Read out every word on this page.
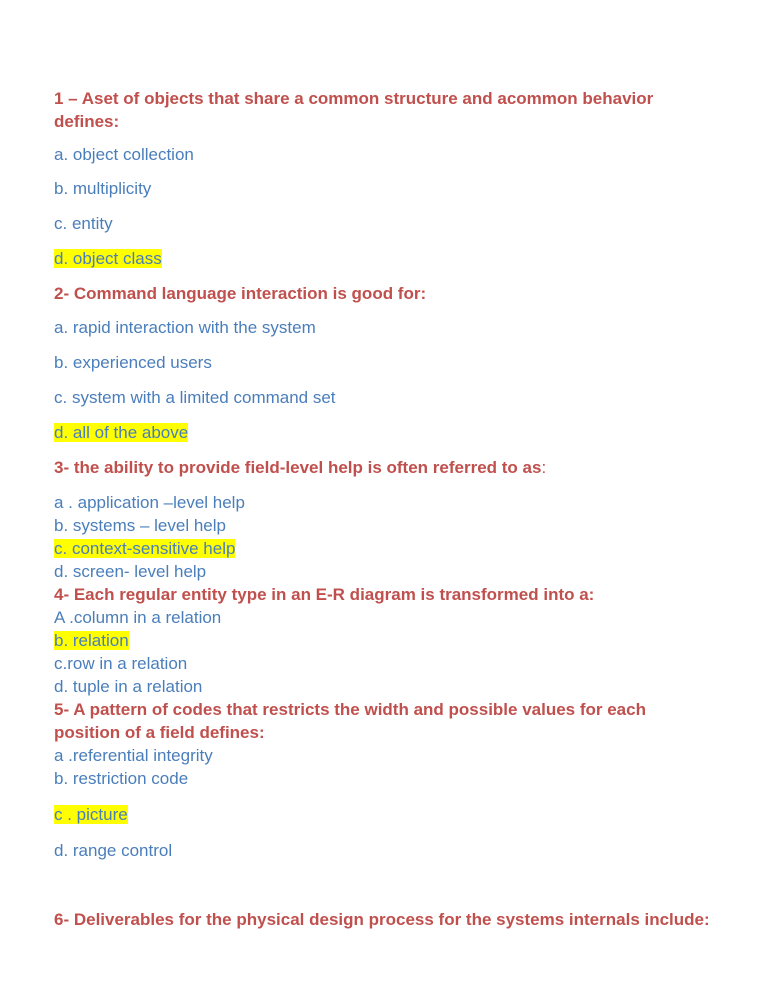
1 – Aset of objects that share a common structure and acommon behavior
defines:
a. object collection
b. multiplicity
c. entity
d. object class
2- Command language interaction is good for:
a. rapid interaction with the system
b. experienced users
c. system with a limited command set
d. all of the above
3- the ability to provide field-level help is often referred to as:
a . application –level help
b. systems – level help
c. context-sensitive help
d. screen- level help
4- Each regular entity type in an E-R diagram is transformed into a:
A .column in a relation
b. relation
c.row in a relation
d. tuple in a relation
5- A pattern of codes that restricts the width and possible values for each
position of a field defines:
a .referential integrity
b. restriction code
c . picture
d. range control
6- Deliverables for the physical design process for the systems internals include:
